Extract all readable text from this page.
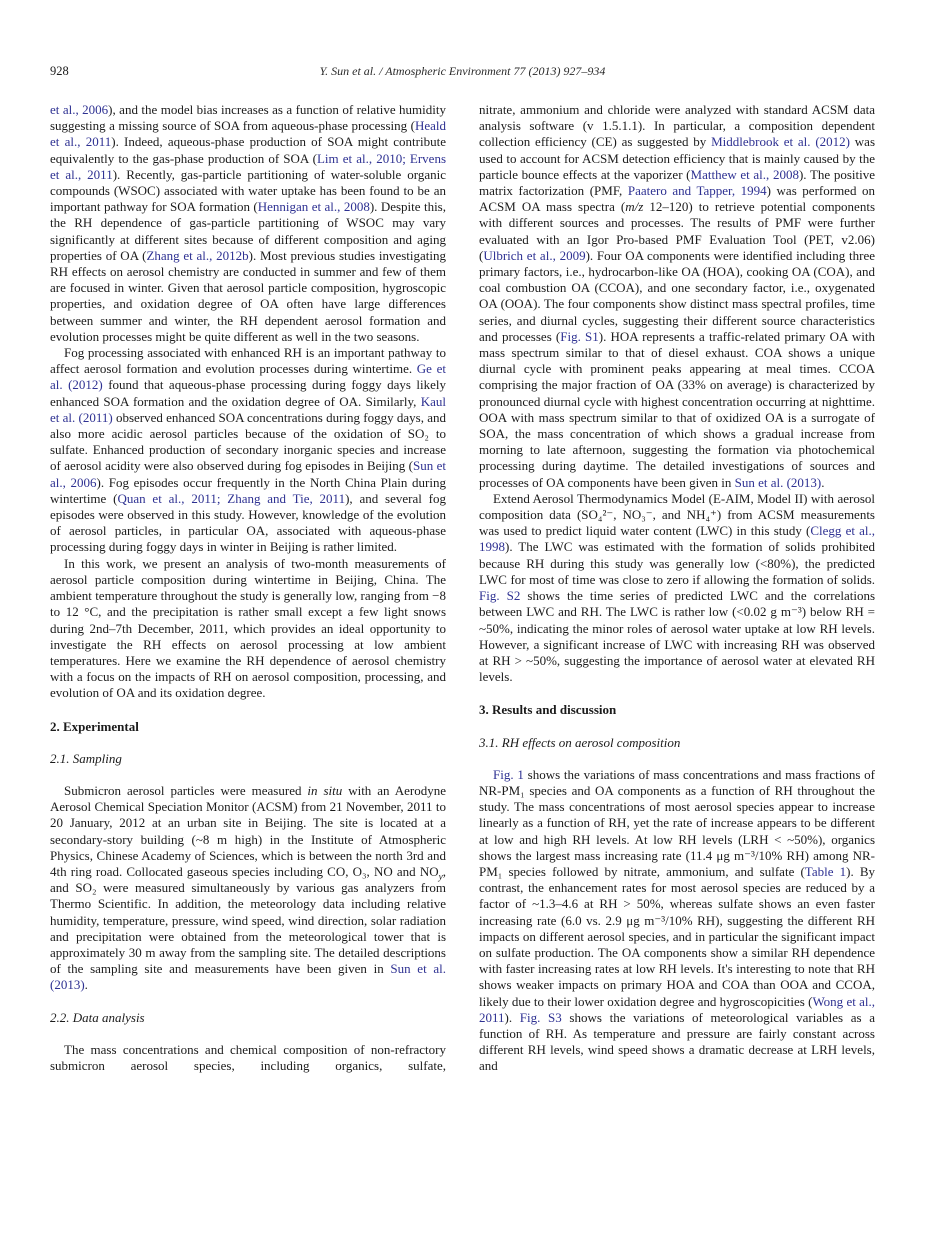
928	Y. Sun et al. / Atmospheric Environment 77 (2013) 927–934

et al., 2006), and the model bias increases as a function of relative humidity suggesting a missing source of SOA from aqueous-phase processing (Heald et al., 2011). Indeed, aqueous-phase production of SOA might contribute equivalently to the gas-phase production of SOA (Lim et al., 2010; Ervens et al., 2011). Recently, gas-particle partitioning of water-soluble organic compounds (WSOC) associated with water uptake has been found to be an important pathway for SOA formation (Hennigan et al., 2008). Despite this, the RH dependence of gas-particle partitioning of WSOC may vary significantly at different sites because of different composition and aging properties of OA (Zhang et al., 2012b). Most previous studies investigating RH effects on aerosol chemistry are conducted in summer and few of them are focused in winter. Given that aerosol particle composition, hygroscopic properties, and oxidation degree of OA often have large differences between summer and winter, the RH dependent aerosol formation and evolution processes might be quite different as well in the two seasons.

Fog processing associated with enhanced RH is an important pathway to affect aerosol formation and evolution processes during wintertime. Ge et al. (2012) found that aqueous-phase processing during foggy days likely enhanced SOA formation and the oxidation degree of OA. Similarly, Kaul et al. (2011) observed enhanced SOA concentrations during foggy days, and also more acidic aerosol particles because of the oxidation of SO₂ to sulfate. Enhanced production of secondary inorganic species and increase of aerosol acidity were also observed during fog episodes in Beijing (Sun et al., 2006). Fog episodes occur frequently in the North China Plain during wintertime (Quan et al., 2011; Zhang and Tie, 2011), and several fog episodes were observed in this study. However, knowledge of the evolution of aerosol particles, in particular OA, associated with aqueous-phase processing during foggy days in winter in Beijing is rather limited.

In this work, we present an analysis of two-month measurements of aerosol particle composition during wintertime in Beijing, China. The ambient temperature throughout the study is generally low, ranging from −8 to 12 °C, and the precipitation is rather small except a few light snows during 2nd–7th December, 2011, which provides an ideal opportunity to investigate the RH effects on aerosol processing at low ambient temperatures. Here we examine the RH dependence of aerosol chemistry with a focus on the impacts of RH on aerosol composition, processing, and evolution of OA and its oxidation degree.

2. Experimental
2.1. Sampling

Submicron aerosol particles were measured in situ with an Aerodyne Aerosol Chemical Speciation Monitor (ACSM) from 21 November, 2011 to 20 January, 2012 at an urban site in Beijing. The site is located at a secondary-story building (~8 m high) in the Institute of Atmospheric Physics, Chinese Academy of Sciences, which is between the north 3rd and 4th ring road. Collocated gaseous species including CO, O₃, NO and $NO_y$, and SO₂ were measured simultaneously by various gas analyzers from Thermo Scientific. In addition, the meteorology data including relative humidity, temperature, pressure, wind speed, wind direction, solar radiation and precipitation were obtained from the meteorological tower that is approximately 30 m away from the sampling site. The detailed descriptions of the sampling site and measurements have been given in Sun et al. (2013).

2.2. Data analysis

The mass concentrations and chemical composition of non-refractory submicron aerosol species, including organics, sulfate,

nitrate, ammonium and chloride were analyzed with standard ACSM data analysis software (v 1.5.1.1). In particular, a composition dependent collection efficiency (CE) as suggested by Middlebrook et al. (2012) was used to account for ACSM detection efficiency that is mainly caused by the particle bounce effects at the vaporizer (Matthew et al., 2008). The positive matrix factorization (PMF, Paatero and Tapper, 1994) was performed on ACSM OA mass spectra (m/z 12–120) to retrieve potential components with different sources and processes. The results of PMF were further evaluated with an Igor Pro-based PMF Evaluation Tool (PET, v2.06) (Ulbrich et al., 2009). Four OA components were identified including three primary factors, i.e., hydrocarbon-like OA (HOA), cooking OA (COA), and coal combustion OA (CCOA), and one secondary factor, i.e., oxygenated OA (OOA). The four components show distinct mass spectral profiles, time series, and diurnal cycles, suggesting their different source characteristics and processes (Fig. S1). HOA represents a traffic-related primary OA with mass spectrum similar to that of diesel exhaust. COA shows a unique diurnal cycle with prominent peaks appearing at meal times. CCOA comprising the major fraction of OA (33% on average) is characterized by pronounced diurnal cycle with highest concentration occurring at nighttime. OOA with mass spectrum similar to that of oxidized OA is a surrogate of SOA, the mass concentration of which shows a gradual increase from morning to late afternoon, suggesting the formation via photochemical processing during daytime. The detailed investigations of sources and processes of OA components have been given in Sun et al. (2013).

Extend Aerosol Thermodynamics Model (E-AIM, Model II) with aerosol composition data (SO₄²⁻, NO₃⁻, and NH₄⁺) from ACSM measurements was used to predict liquid water content (LWC) in this study (Clegg et al., 1998). The LWC was estimated with the formation of solids prohibited because RH during this study was generally low (<80%), the predicted LWC for most of time was close to zero if allowing the formation of solids. Fig. S2 shows the time series of predicted LWC and the correlations between LWC and RH. The LWC is rather low (<0.02 g m⁻³) below RH = ~50%, indicating the minor roles of aerosol water uptake at low RH levels. However, a significant increase of LWC with increasing RH was observed at RH > ~50%, suggesting the importance of aerosol water at elevated RH levels.

3. Results and discussion
3.1. RH effects on aerosol composition

Fig. 1 shows the variations of mass concentrations and mass fractions of NR-PM₁ species and OA components as a function of RH throughout the study. The mass concentrations of most aerosol species appear to increase linearly as a function of RH, yet the rate of increase appears to be different at low and high RH levels. At low RH levels (LRH < ~50%), organics shows the largest mass increasing rate (11.4 μg m⁻³/10% RH) among NR-PM₁ species followed by nitrate, ammonium, and sulfate (Table 1). By contrast, the enhancement rates for most aerosol species are reduced by a factor of ~1.3–4.6 at RH > 50%, whereas sulfate shows an even faster increasing rate (6.0 vs. 2.9 μg m⁻³/10% RH), suggesting the different RH impacts on different aerosol species, and in particular the significant impact on sulfate production. The OA components show a similar RH dependence with faster increasing rates at low RH levels. It's interesting to note that RH shows weaker impacts on primary HOA and COA than OOA and CCOA, likely due to their lower oxidation degree and hygroscopicities (Wong et al., 2011). Fig. S3 shows the variations of meteorological variables as a function of RH. As temperature and pressure are fairly constant across different RH levels, wind speed shows a dramatic decrease at LRH levels, and
